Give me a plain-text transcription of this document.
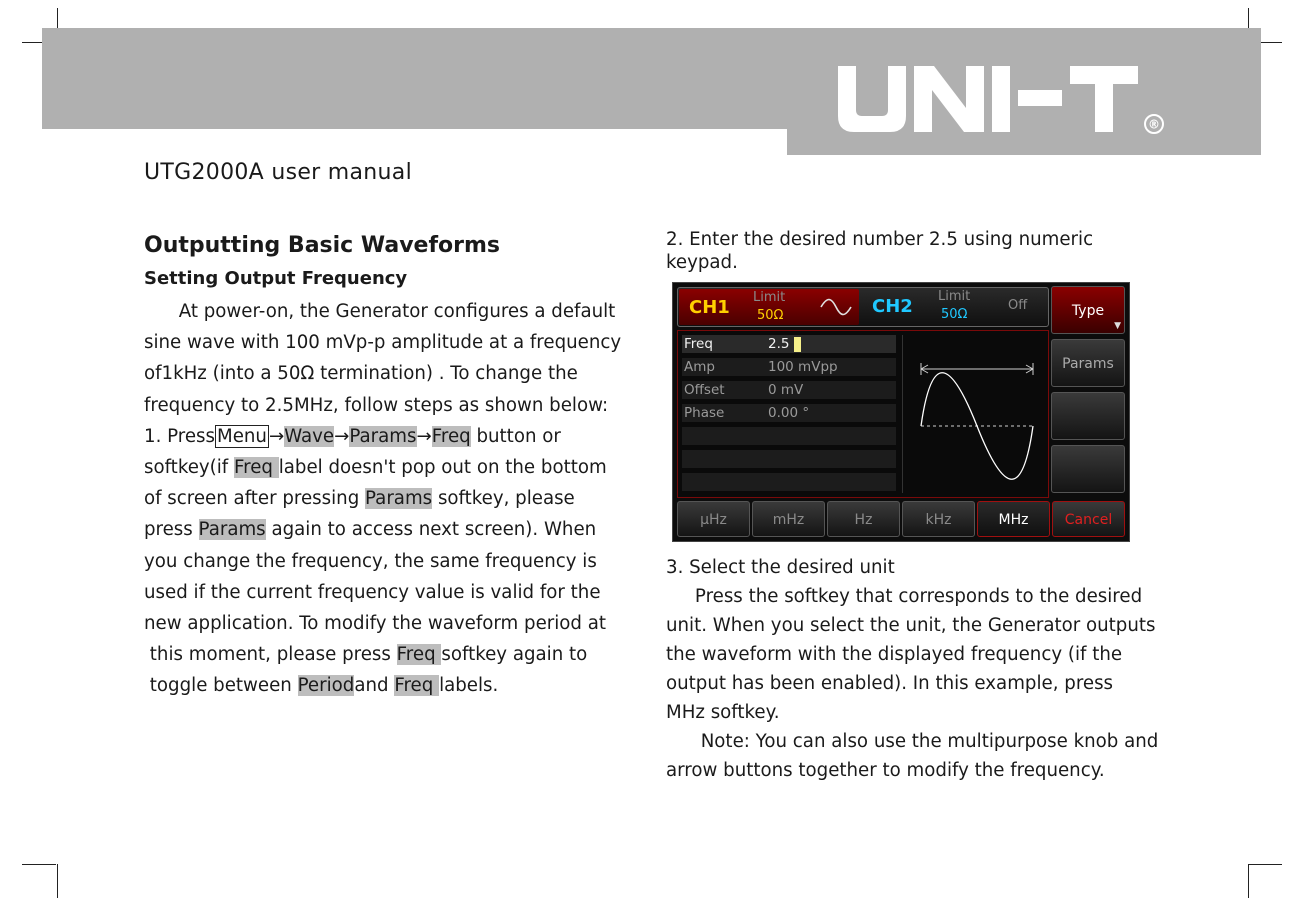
®
UTG2000A user manual
Outputting Basic Waveforms
Setting Output Frequency

At power-on, the Generator configures a default

sine wave with 100 mVp-p amplitude at a frequency

of1kHz (into a 50Ω termination) . To change the

frequency to 2.5MHz, follow steps as shown below:

1. Press Menu →Wave→Params→Freq button or

softkey(if Freq label doesn't pop out on the bottom

of screen after pressing Params softkey, please

press Params again to access next screen). When

you change the frequency, the same frequency is

used if the current frequency value is valid for the

new application. To modify the waveform period at

this moment, please press Freq softkey again to

toggle between Periodand Freq labels.

2. Enter the desired number 2.5 using numeric

keypad.

3. Select the desired unit

Press the softkey that corresponds to the desired

unit. When you select the unit, the Generator outputs

the waveform with the displayed frequency (if the

output has been enabled). In this example, press

MHz softkey.

Note: You can also use the multipurpose knob and

arrow buttons together to modify the frequency.

CH1 Limit
50Ω	CH2 Limit
50Ω
Off
Freq	2.5
Amp	100 mVpp
Offset	0 mV
Phase	0.00 °
Type
▼
Params
µHz	mHz	Hz	kHz	MHz	Cancel
